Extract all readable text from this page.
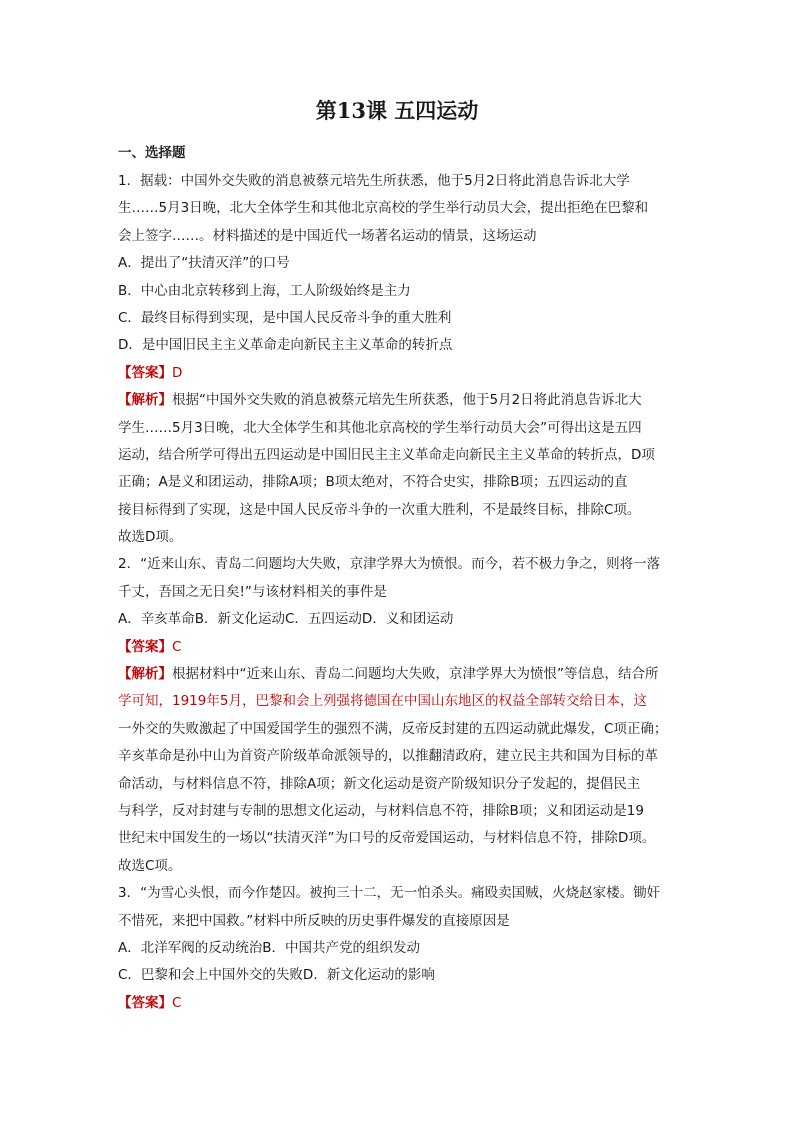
第13课 五四运动
一、选择题
1．据载：中国外交失败的消息被蔡元培先生所获悉，他于5月2日将此消息告诉北大学
生……5月3日晚，北大全体学生和其他北京高校的学生举行动员大会，提出拒绝在巴黎和
会上签字……。材料描述的是中国近代一场著名运动的情景，这场运动
A．提出了“扶清灭洋”的口号
B．中心由北京转移到上海，工人阶级始终是主力
C．最终目标得到实现，是中国人民反帝斗争的重大胜利
D．是中国旧民主主义革命走向新民主主义革命的转折点
【答案】D
【解析】根据“中国外交失败的消息被蔡元培先生所获悉，他于5月2日将此消息告诉北大
学生……5月3日晚，北大全体学生和其他北京高校的学生举行动员大会”可得出这是五四
运动，结合所学可得出五四运动是中国旧民主主义革命走向新民主主义革命的转折点，D项
正确；A是义和团运动，排除A项；B项太绝对，不符合史实，排除B项；五四运动的直
接目标得到了实现，这是中国人民反帝斗争的一次重大胜利，不是最终目标，排除C项。
故选D项。
2．“近来山东、青岛二问题均大失败，京津学界大为愤恨。而今，若不极力争之，则将一落
千丈，吾国之无日矣!”与该材料相关的事件是
A．辛亥革命B．新文化运动C．五四运动D．义和团运动
【答案】C
【解析】根据材料中“近来山东、青岛二问题均大失败，京津学界大为愤恨”等信息，结合所
学可知，1919年5月，巴黎和会上列强将德国在中国山东地区的权益全部转交给日本，这
一外交的失败激起了中国爱国学生的强烈不满，反帝反封建的五四运动就此爆发，C项正确；
辛亥革命是孙中山为首资产阶级革命派领导的，以推翻清政府，建立民主共和国为目标的革
命活动，与材料信息不符，排除A项；新文化运动是资产阶级知识分子发起的，提倡民主
与科学，反对封建与专制的思想文化运动，与材料信息不符，排除B项；义和团运动是19
世纪末中国发生的一场以“扶清灭洋”为口号的反帝爱国运动，与材料信息不符，排除D项。
故选C项。
3．“为雪心头恨，而今作楚囚。被拘三十二，无一怕杀头。痛殴卖国贼，火烧赵家楼。锄奸
不惜死，来把中国救。”材料中所反映的历史事件爆发的直接原因是
A．北洋军阀的反动统治B．中国共产党的组织发动
C．巴黎和会上中国外交的失败D．新文化运动的影响
【答案】C
